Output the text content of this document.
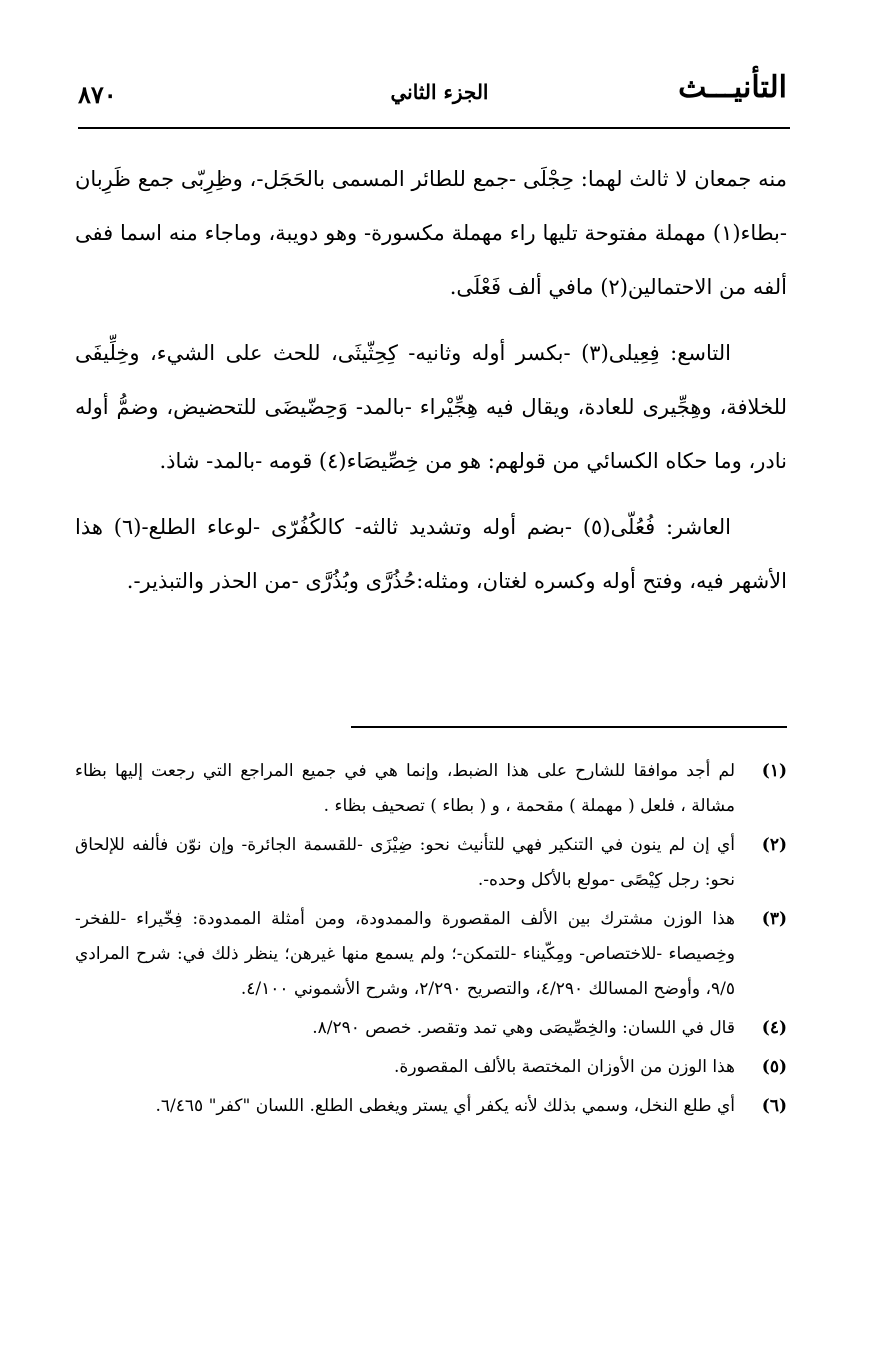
التأنيـــث
الجزء الثاني
٨٧٠

منه جمعان لا ثالث لهما: حِجْلَى -جمع للطائر المسمى بالحَجَل-، وظِرِبّى جمع ظَرِبان -بطاء(١) مهملة مفتوحة تليها راء مهملة مكسورة- وهو دويبة، وماجاء منه اسما ففى ألفه من الاحتمالين(٢) مافي ألف فَعْلَى.

التاسع: فِعِيلى(٣) -بكسر أوله وثانيه- كِحِثّيثَى، للحث على الشيء، وخِلِّيفَى للخلافة، وهِجِّيرى للعادة، ويقال فيه هِجِّيْراء -بالمد- وَحِضّيضَى للتحضيض، وضمُّ أوله نادر، وما حكاه الكسائي من قولهم: هو من خِصِّيصَاء(٤) قومه -بالمد- شاذ.

العاشر: فُعُلّى(٥) -بضم أوله وتشديد ثالثه- كالكُفُرّى -لوعاء الطلع-(٦) هذا الأشهر فيه، وفتح أوله وكسره لغتان، ومثله:حُذُرَّى وبُذُرَّى -من الحذر والتبذير-.

(١)
لم أجد موافقا للشارح على هذا الضبط، وإنما هي في جميع المراجع التي رجعت إليها بظاء مشالة ، فلعل ( مهملة ) مقحمة ، و ( بطاء ) تصحيف بظاء .
(٢)
أي إن لم ينون في التنكير فهي للتأنيث نحو: ضِيْزَى -للقسمة الجائرة- وإن نوّن فألفه للإلحاق نحو: رجل كِيْصًى -مولع بالأكل وحده-.
(٣)
هذا الوزن مشترك بين الألف المقصورة والممدودة، ومن أمثلة الممدودة: فِخّيراء -للفخر- وخِصيصاء -للاختصاص- ومِكّيناء -للتمكن-؛ ولم يسمع منها غيرهن؛ ينظر ذلك في: شرح المرادي ٩/٥، وأوضح المسالك ٤/٢٩٠، والتصريح ٢/٢٩٠، وشرح الأشموني ٤/١٠٠.
(٤)
قال في اللسان: والخِصِّيصَى وهي تمد وتقصر. خصص ٨/٢٩٠.
(٥)
هذا الوزن من الأوزان المختصة بالألف المقصورة.
(٦)
أي طلع النخل، وسمي بذلك لأنه يكفر أي يستر ويغطى الطلع. اللسان "كفر" ٦/٤٦٥.
